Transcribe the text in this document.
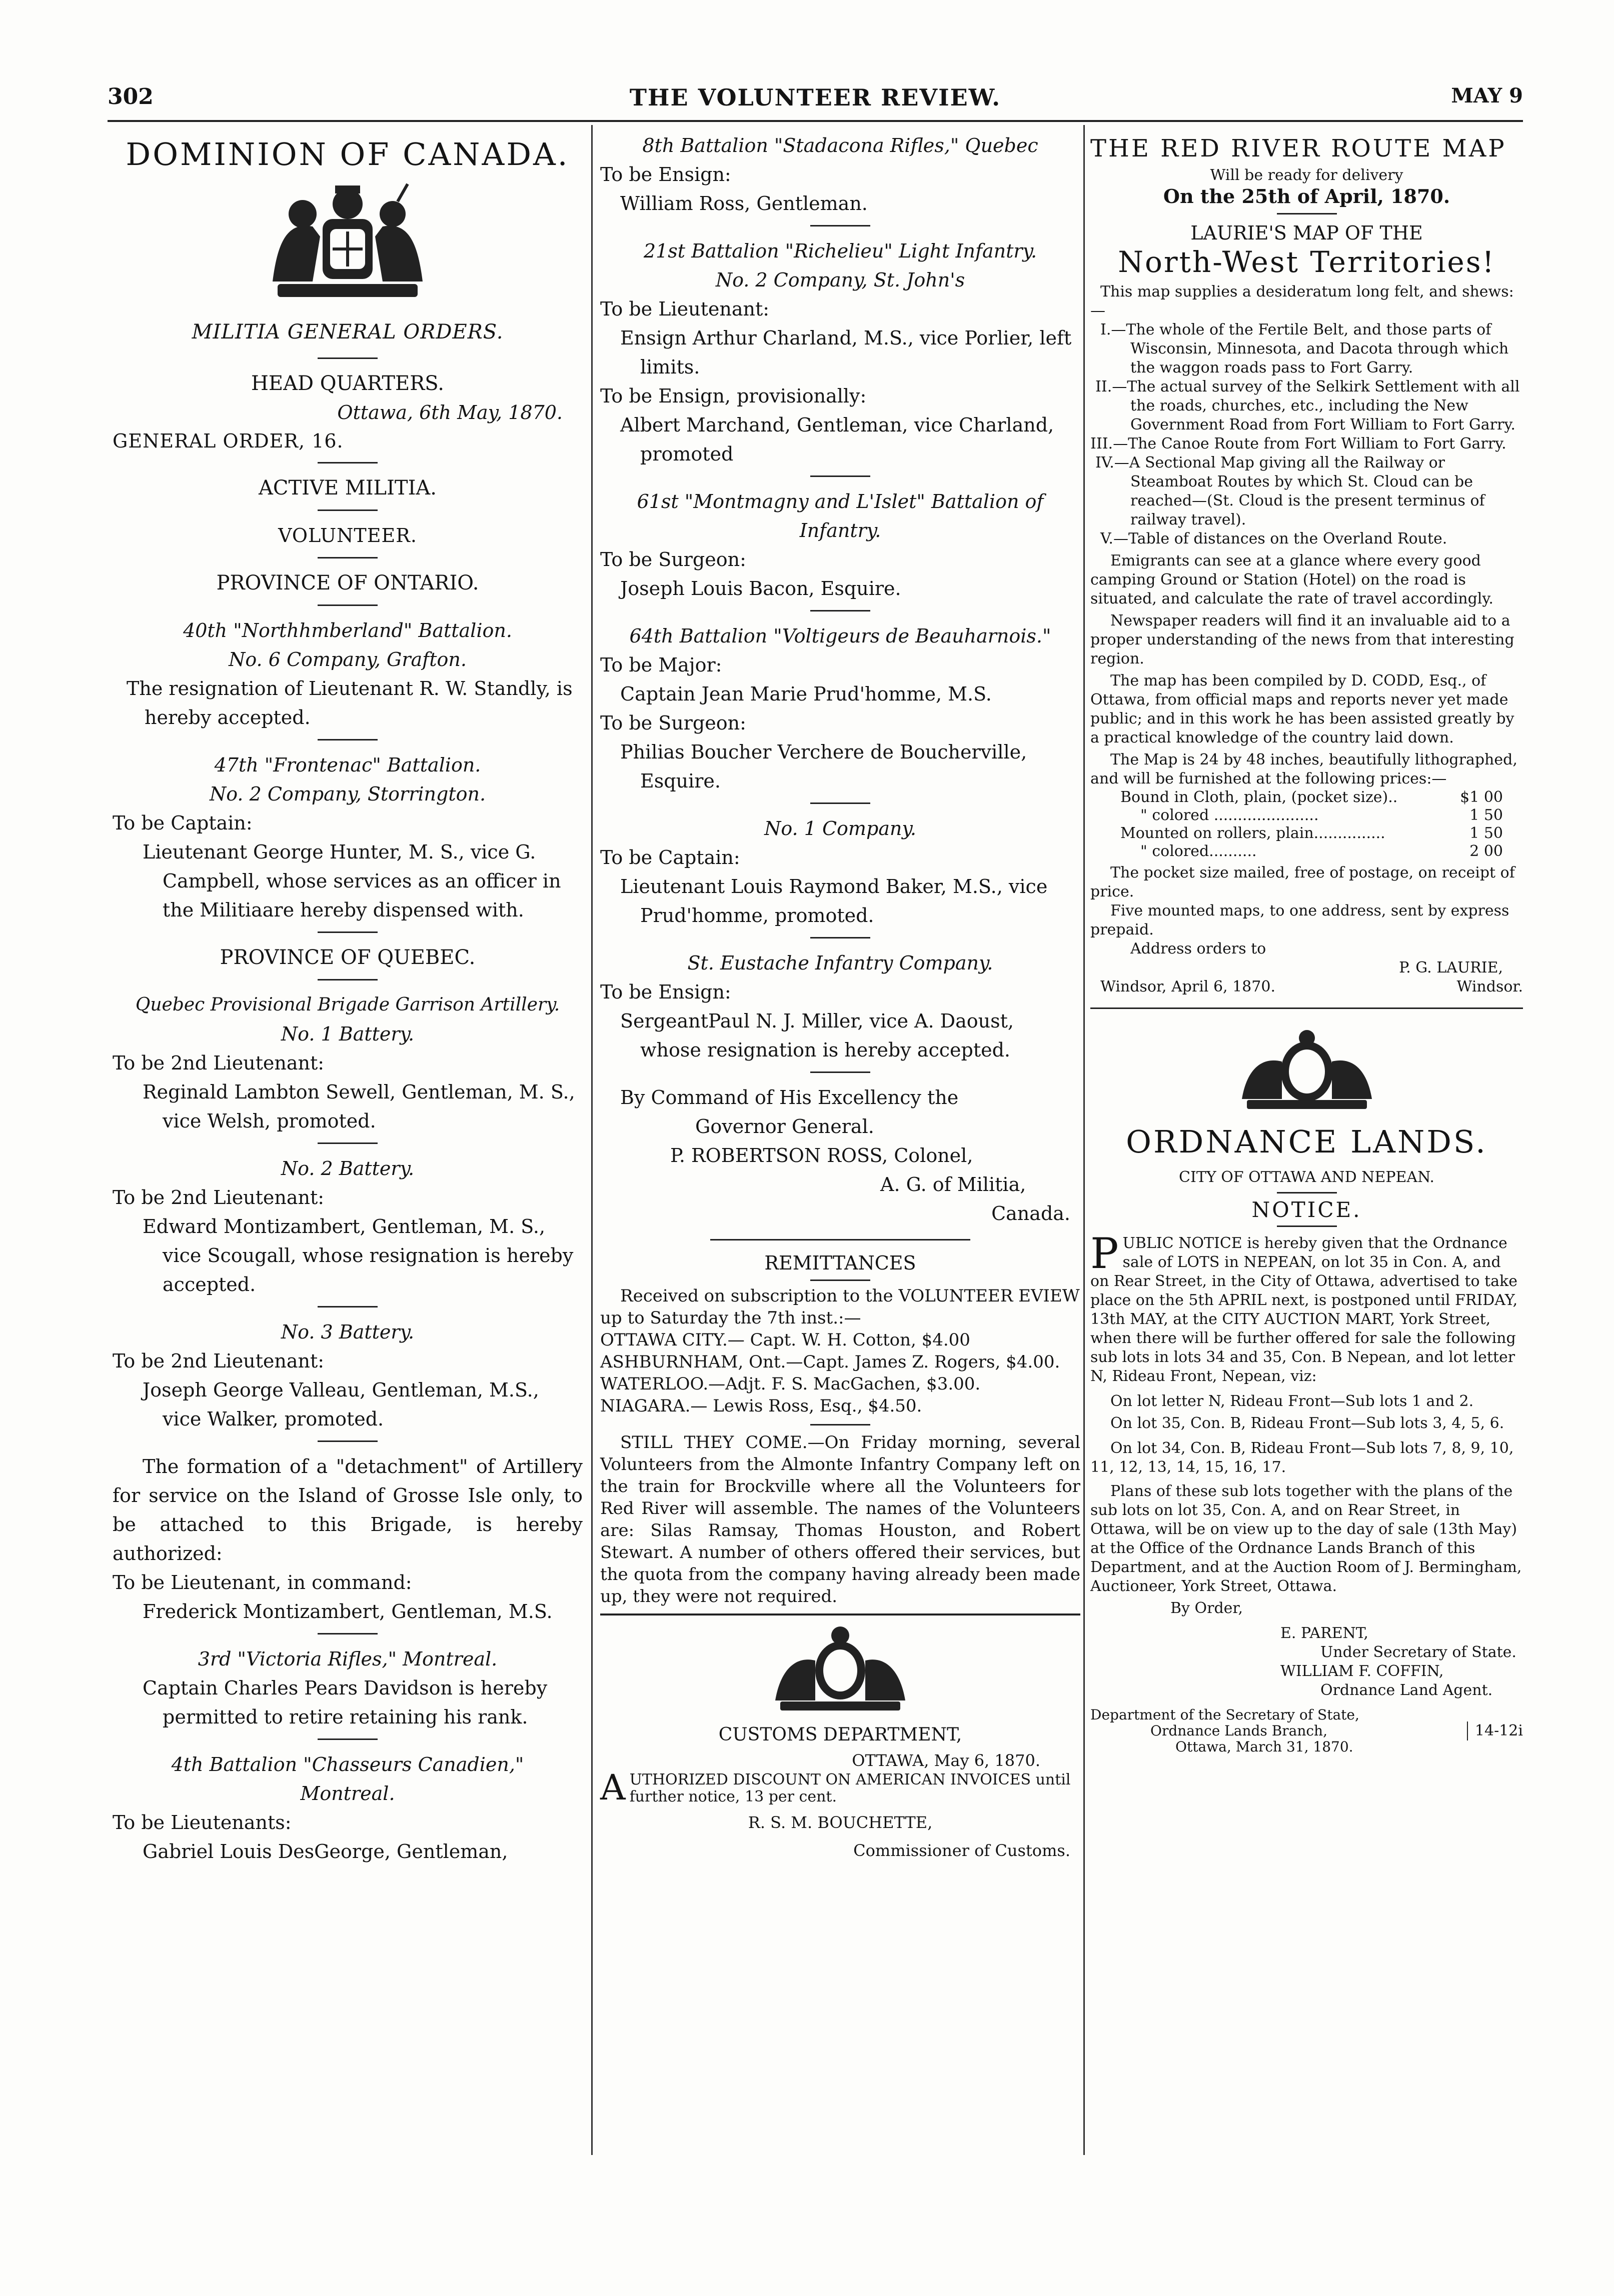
302	THE VOLUNTEER REVIEW.	MAY 9

DOMINION OF CANADA.

MILITIA GENERAL ORDERS.

HEAD QUARTERS.

Ottawa, 6th May, 1870.

GENERAL ORDER, 16.

ACTIVE MILITIA.

VOLUNTEER.

PROVINCE OF ONTARIO.

40th "Northhmberland" Battalion.

No. 6 Company, Grafton.

The resignation of Lieutenant R. W. Standly, is hereby accepted.

47th "Frontenac" Battalion.

No. 2 Company, Storrington.

To be Captain:

Lieutenant George Hunter, M. S., vice G. Campbell, whose services as an officer in the Militiaare hereby dispensed with.

PROVINCE OF QUEBEC.

Quebec Provisional Brigade Garrison Artillery.

No. 1 Battery.

To be 2nd Lieutenant:

Reginald Lambton Sewell, Gentleman, M. S., vice Welsh, promoted.

No. 2 Battery.

To be 2nd Lieutenant:

Edward Montizambert, Gentleman, M. S., vice Scougall, whose resignation is hereby accepted.

No. 3 Battery.

To be 2nd Lieutenant:

Joseph George Valleau, Gentleman, M.S., vice Walker, promoted.

The formation of a "detachment" of Artillery for service on the Island of Grosse Isle only, to be attached to this Brigade, is hereby authorized:

To be Lieutenant, in command:

Frederick Montizambert, Gentleman, M.S.

3rd "Victoria Rifles," Montreal.

Captain Charles Pears Davidson is hereby permitted to retire retaining his rank.

4th Battalion "Chasseurs Canadien," Montreal.

To be Lieutenants:

Gabriel Louis DesGeorge, Gentleman,

8th Battalion "Stadacona Rifles," Quebec

To be Ensign:

William Ross, Gentleman.

21st Battalion "Richelieu" Light Infantry.

No. 2 Company, St. John's

To be Lieutenant:

Ensign Arthur Charland, M.S., vice Porlier, left limits.

To be Ensign, provisionally:

Albert Marchand, Gentleman, vice Charland, promoted

61st "Montmagny and L'Islet" Battalion of Infantry.

To be Surgeon:

Joseph Louis Bacon, Esquire.

64th Battalion "Voltigeurs de Beauharnois."

To be Major:

Captain Jean Marie Prud'homme, M.S.

To be Surgeon:

Philias Boucher Verchere de Boucherville, Esquire.

No. 1 Company.

To be Captain:

Lieutenant Louis Raymond Baker, M.S., vice Prud'homme, promoted.

St. Eustache Infantry Company.

To be Ensign:

SergeantPaul N. J. Miller, vice A. Daoust, whose resignation is hereby accepted.

By Command of His Excellency the

Governor General.

P. ROBERTSON ROSS, Colonel,

A. G. of Militia,

Canada.

REMITTANCES

Received on subscription to the VOLUNTEER EVIEW up to Saturday the 7th inst.:—

OTTAWA CITY.— Capt. W. H. Cotton, $4.00

ASHBURNHAM, Ont.—Capt. James Z. Rogers, $4.00.

WATERLOO.—Adjt. F. S. MacGachen, $3.00.

NIAGARA.— Lewis Ross, Esq., $4.50.

STILL THEY COME.—On Friday morning, several Volunteers from the Almonte Infantry Company left on the train for Brockville where all the Volunteers for Red River will assemble. The names of the Volunteers are: Silas Ramsay, Thomas Houston, and Robert Stewart. A number of others offered their services, but the quota from the company having already been made up, they were not required.

CUSTOMS DEPARTMENT,

OTTAWA, May 6, 1870.

A UTHORIZED DISCOUNT ON AMERICAN INVOICES until further notice, 13 per cent.

R. S. M. BOUCHETTE,

Commissioner of Customs.

THE RED RIVER ROUTE MAP

Will be ready for delivery

On the 25th of April, 1870.

LAURIE'S MAP OF THE

North-West Territories!

This map supplies a desideratum long felt, and shews:—

I.—The whole of the Fertile Belt, and those parts of Wisconsin, Minnesota, and Dacota through which the waggon roads pass to Fort Garry.

II.—The actual survey of the Selkirk Settlement with all the roads, churches, etc., including the New Government Road from Fort William to Fort Garry.

III.—The Canoe Route from Fort William to Fort Garry.

IV.—A Sectional Map giving all the Railway or Steamboat Routes by which St. Cloud can be reached—(St. Cloud is the present terminus of railway travel).

V.—Table of distances on the Overland Route.

Emigrants can see at a glance where every good camping Ground or Station (Hotel) on the road is situated, and calculate the rate of travel accordingly.

Newspaper readers will find it an invaluable aid to a proper understanding of the news from that interesting region.

The map has been compiled by D. CODD, Esq., of Ottawa, from official maps and reports never yet made public; and in this work he has been assisted greatly by a practical knowledge of the country laid down.

The Map is 24 by 48 inches, beautifully lithographed, and will be furnished at the following prices:—

Bound in Cloth, plain, (pocket size)..	$1 00
" colored ......................	1 50
Mounted on rollers, plain...............	1 50
" colored..........	2 00

The pocket size mailed, free of postage, on receipt of price.

Five mounted maps, to one address, sent by express prepaid.

Address orders to

P. G. LAURIE,

Windsor, April 6, 1870.	Windsor.

ORDNANCE LANDS.

CITY OF OTTAWA AND NEPEAN.

NOTICE.

P UBLIC NOTICE is hereby given that the Ordnance sale of LOTS in NEPEAN, on lot 35 in Con. A, and on Rear Street, in the City of Ottawa, advertised to take place on the 5th APRIL next, is postponed until FRIDAY, 13th MAY, at the CITY AUCTION MART, York Street, when there will be further offered for sale the following sub lots in lots 34 and 35, Con. B Nepean, and lot letter N, Rideau Front, Nepean, viz:

On lot letter N, Rideau Front—Sub lots 1 and 2.

On lot 35, Con. B, Rideau Front—Sub lots 3, 4, 5, 6.

On lot 34, Con. B, Rideau Front—Sub lots 7, 8, 9, 10, 11, 12, 13, 14, 15, 16, 17.

Plans of these sub lots together with the plans of the sub lots on lot 35, Con. A, and on Rear Street, in Ottawa, will be on view up to the day of sale (13th May) at the Office of the Ordnance Lands Branch of this Department, and at the Auction Room of J. Bermingham, Auctioneer, York Street, Ottawa.

By Order,

E. PARENT,

Under Secretary of State.

WILLIAM F. COFFIN,

Ordnance Land Agent.

Department of the Secretary of State,

Ordnance Lands Branch,

Ottawa, March 31, 1870.

14-12i
